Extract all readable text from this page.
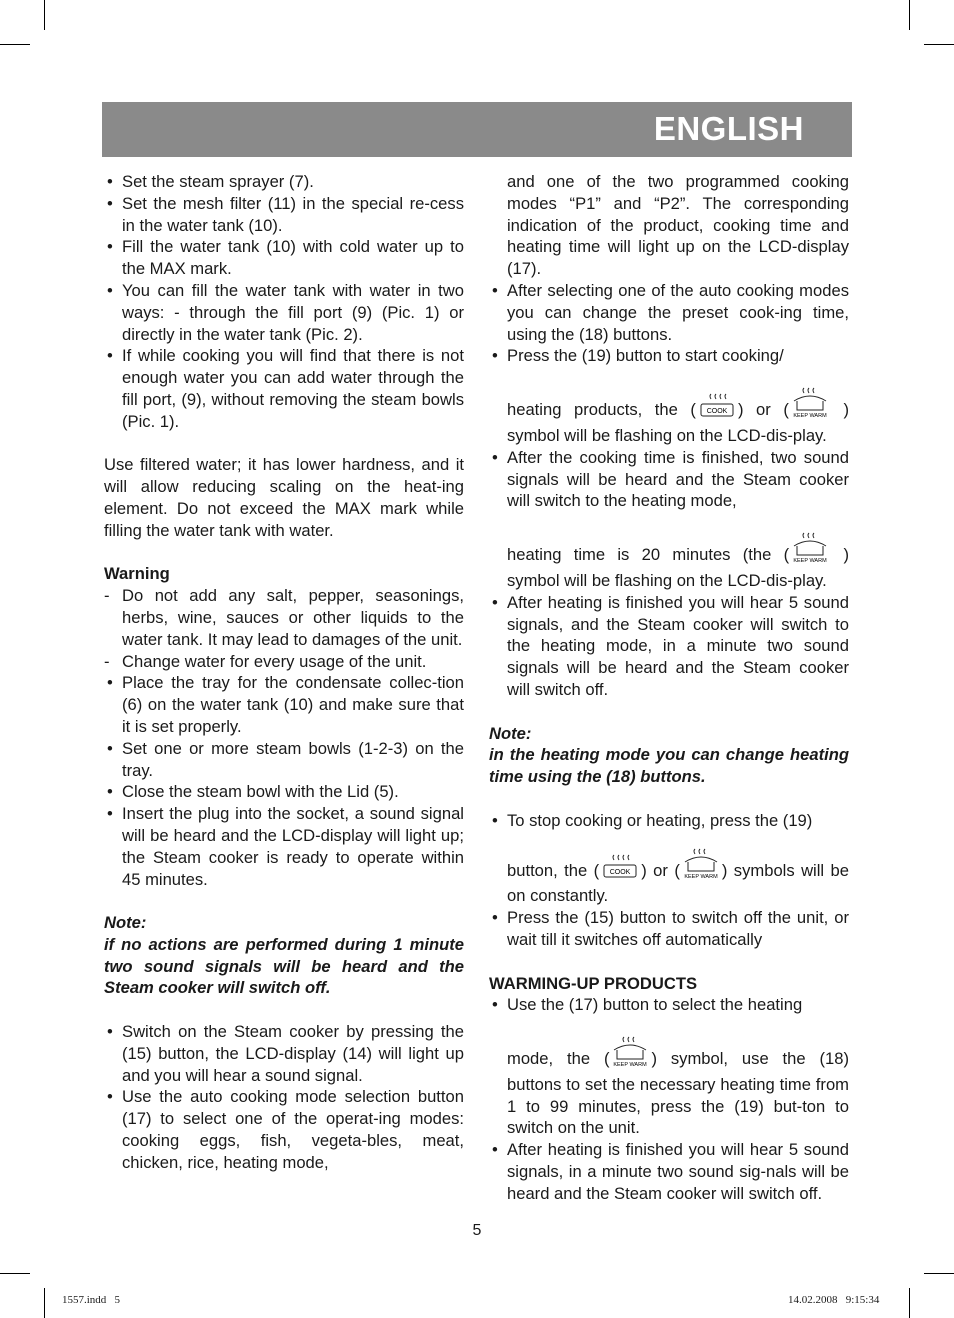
ENGLISH
• Set the steam sprayer (7).
• Set the mesh filter (11) in the special re-cess in the water tank (10).
• Fill the water tank (10) with cold water up to the MAX mark.
• You can fill the water tank with water in two ways: - through the fill port (9) (Pic. 1) or directly in the water tank (Pic. 2).
• If while cooking you will find that there is not enough water you can add water through the fill port, (9), without removing the steam bowls (Pic. 1).

Use filtered water; it has lower hardness, and it will allow reducing scaling on the heat-ing element. Do not exceed the MAX mark while filling the water tank with water.

Warning

- Do not add any salt, pepper, seasonings, herbs, wine, sauces or other liquids to the water tank. It may lead to damages of the unit.
- Change water for every usage of the unit.
• Place the tray for the condensate collec-tion (6) on the water tank (10) and make sure that it is set properly.
• Set one or more steam bowls (1-2-3) on the tray.
• Close the steam bowl with the Lid (5).
• Insert the plug into the socket, a sound signal will be heard and the LCD-display will light up; the Steam cooker is ready to operate within 45 minutes.

Note:

if no actions are performed during 1 minute two sound signals will be heard and the Steam cooker will switch off.

• Switch on the Steam cooker by pressing the (15) button, the LCD-display (14) will light up and you will hear a sound signal.
• Use the auto cooking mode selection button (17) to select one of the operat-ing modes: cooking eggs, fish, vegeta-bles, meat, chicken, rice, heating mode,

and one of the two programmed cooking modes “P1” and “P2”. The corresponding indication of the product, cooking time and heating time will light up on the LCD-display (17).

• After selecting one of the auto cooking modes you can change the preset cook-ing time, using the (18) buttons.
• Press the (19) button to start cooking/
heating products, the ( COOK ) or ( KEEP WARM ) symbol will be flashing on the LCD-dis-play.
• After the cooking time is finished, two sound signals will be heard and the Steam cooker will switch to the heating mode,
heating time is 20 minutes (the ( KEEP WARM ) symbol will be flashing on the LCD-dis-play.
• After heating is finished you will hear 5 sound signals, and the Steam cooker will switch to the heating mode, in a minute two sound signals will be heard and the Steam cooker will switch off.

Note:

in the heating mode you can change heating time using the (18) buttons.

• To stop cooking or heating, press the (19)
button, the ( COOK ) or ( KEEP WARM ) symbols will be on constantly.
• Press the (15) button to switch off the unit, or wait till it switches off automatically

WARMING-UP PRODUCTS

• Use the (17) button to select the heating
mode, the ( KEEP WARM ) symbol, use the (18) buttons to set the necessary heating time from 1 to 99 minutes, press the (19) but-ton to switch on the unit.
• After heating is finished you will hear 5 sound signals, in a minute two sound sig-nals will be heard and the Steam cooker will switch off.
5
1557.indd   5	14.02.2008   9:15:34
